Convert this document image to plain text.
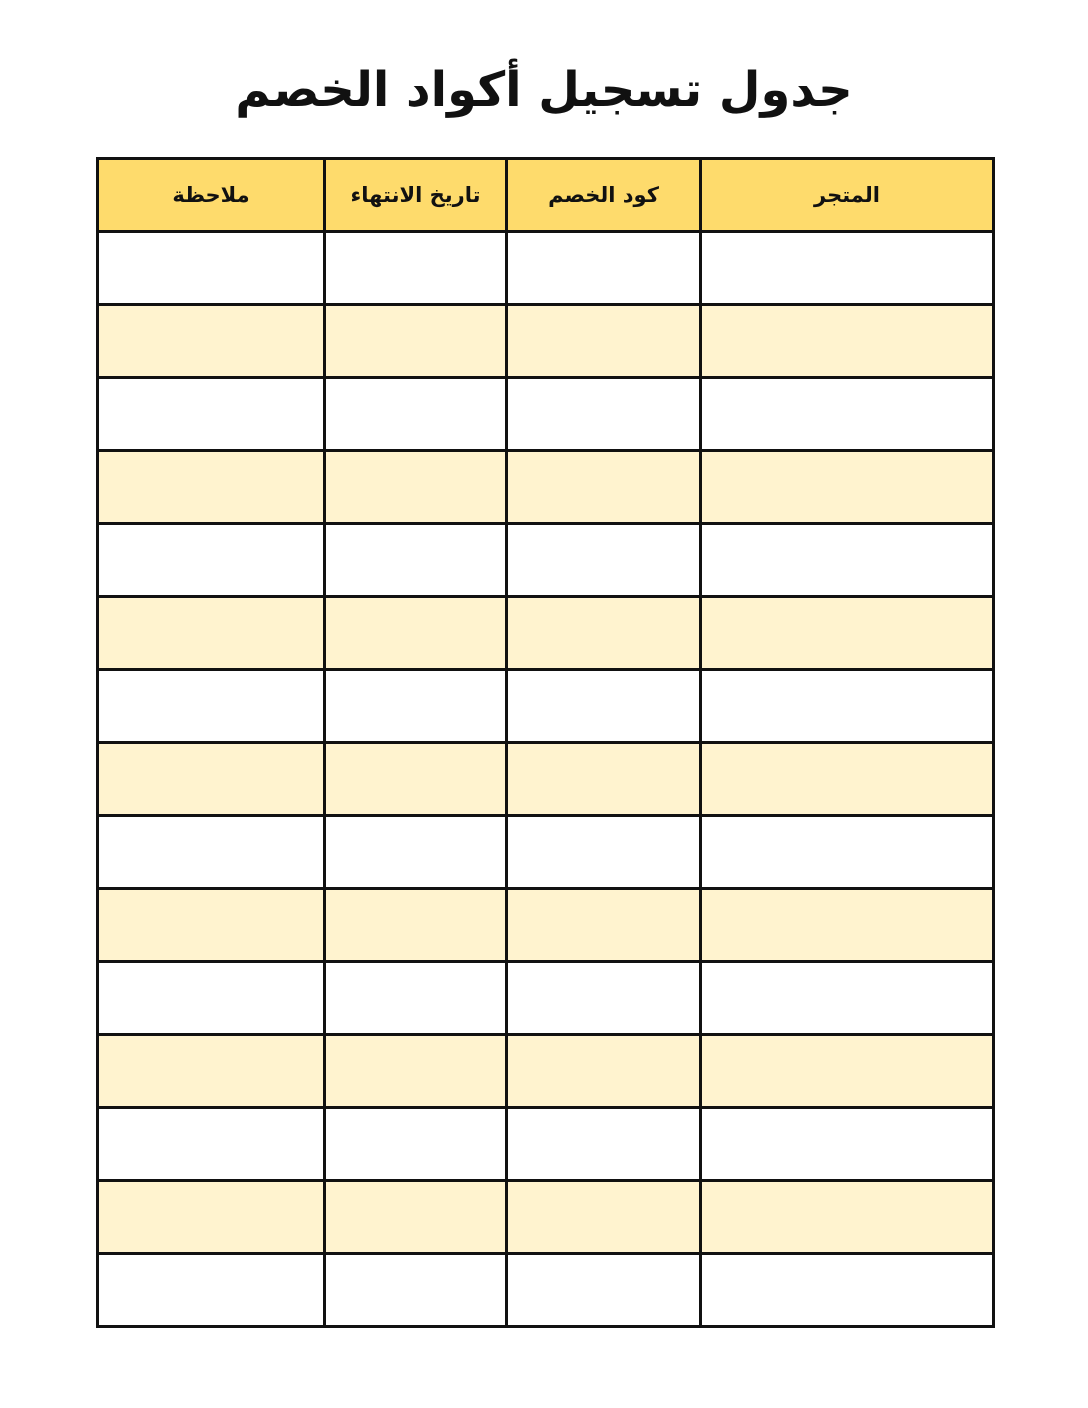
جدول تسجيل أكواد الخصم
المتجر	كود الخصم	تاريخ الانتهاء	ملاحظة
